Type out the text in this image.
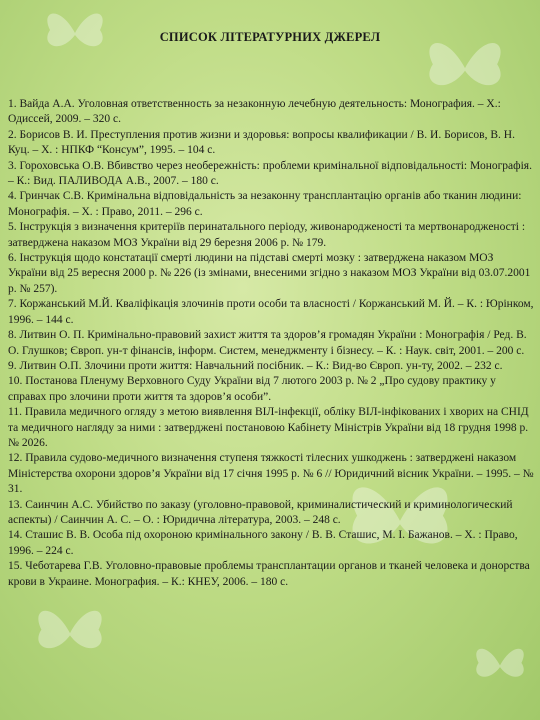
СПИСОК ЛІТЕРАТУРНИХ ДЖЕРЕЛ

1. Вайда А.А. Уголовная ответственность за незаконную лечебную деятельность: Монография. – Х.: Одиссей, 2009. – 320 с.

2. Борисов В. И. Преступления против жизни и здоровья: вопросы квалификации / В. И. Борисов, В. Н. Куц. – Х. : НПКФ “Консум”, 1995. – 104 с.

3. Гороховська О.В. Вбивство через необережність: проблеми кримінальної відповідальності: Монографія. – К.: Вид. ПАЛИВОДА А.В., 2007. – 180 с.

4. Гринчак С.В. Кримінальна відповідальність за незаконну трансплантацію органів або тканин людини: Монографія. – Х. : Право, 2011. – 296 с.

5. Інструкція з визначення критеріїв перинатального періоду, живонародженості та мертвонародженості : затверджена наказом МОЗ України від 29 березня 2006 р. № 179.

6. Інструкція щодо констатації смерті людини на підставі смерті мозку : затверджена наказом МОЗ України від 25 вересня 2000 р. № 226 (із змінами, внесеними згідно з наказом МОЗ України від 03.07.2001 р. № 257).

7. Коржанський М.Й. Кваліфікація злочинів проти особи та власності / Коржанський М. Й. – К. : Юрінком, 1996. – 144 с.

8. Литвин О. П. Кримінально-правовий захист життя та здоров’я громадян України : Монографія / Ред. В. О. Глушков; Європ. ун-т фінансів, інформ. Систем, менеджменту і бізнесу. – К. : Наук. світ, 2001. – 200 с.

9. Литвин О.П. Злочини проти життя: Навчальний посібник. – К.: Вид-во Європ. ун-ту, 2002. – 232 с.

10. Постанова Пленуму Верховного Суду України від 7 лютого 2003 р. № 2 „Про судову практику у справах про злочини проти життя та здоров’я особи”.

11. Правила медичного огляду з метою виявлення ВІЛ-інфекції, обліку ВІЛ-інфікованих і хворих на СНІД та медичного нагляду за ними : затверджені постановою Кабінету Міністрів України від 18 грудня 1998 р. № 2026.

12. Правила судово-медичного визначення ступеня тяжкості тілесних ушкоджень : затверджені наказом Міністерства охорони здоров’я України від 17 січня 1995 р. № 6 // Юридичний вісник України. – 1995. – № 31.

13. Саинчин А.С. Убийство по заказу (уголовно-правовой, криминалистический и криминологический аспекты) / Саинчин А. С. – О. : Юридична література, 2003. – 248 с.

14. Сташис В. В. Особа під охороною кримінального закону / В. В. Сташис, М. І. Бажанов. – Х. : Право, 1996. – 224 с.

15. Чеботарева Г.В. Уголовно-правовые проблемы трансплантации органов и тканей человека и донорства крови в Украине. Монография. – К.: КНЕУ, 2006. – 180 с.
